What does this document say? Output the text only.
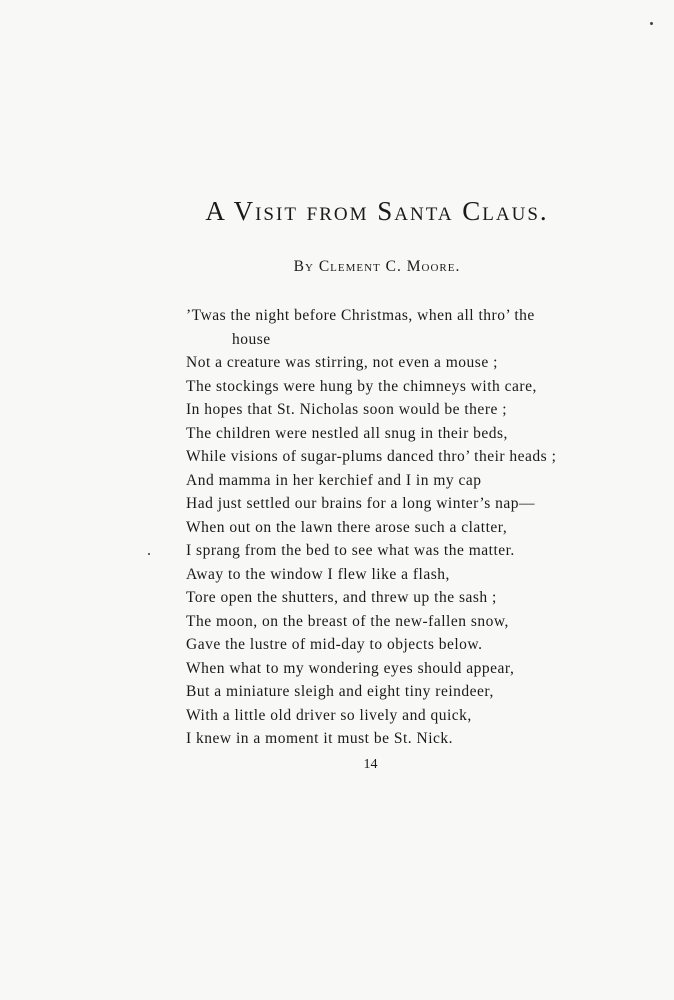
A Visit from Santa Claus.
By Clement C. Moore.
’Twas the night before Christmas, when all thro’ the
house
Not a creature was stirring, not even a mouse ;
The stockings were hung by the chimneys with care,
In hopes that St. Nicholas soon would be there ;
The children were nestled all snug in their beds,
While visions of sugar-plums danced thro’ their heads ;
And mamma in her kerchief and I in my cap
Had just settled our brains for a long winter’s nap—
When out on the lawn there arose such a clatter,
I sprang from the bed to see what was the matter.
Away to the window I flew like a flash,
Tore open the shutters, and threw up the sash ;
The moon, on the breast of the new-fallen snow,
Gave the lustre of mid-day to objects below.
When what to my wondering eyes should appear,
But a miniature sleigh and eight tiny reindeer,
With a little old driver so lively and quick,
I knew in a moment it must be St. Nick.
14
